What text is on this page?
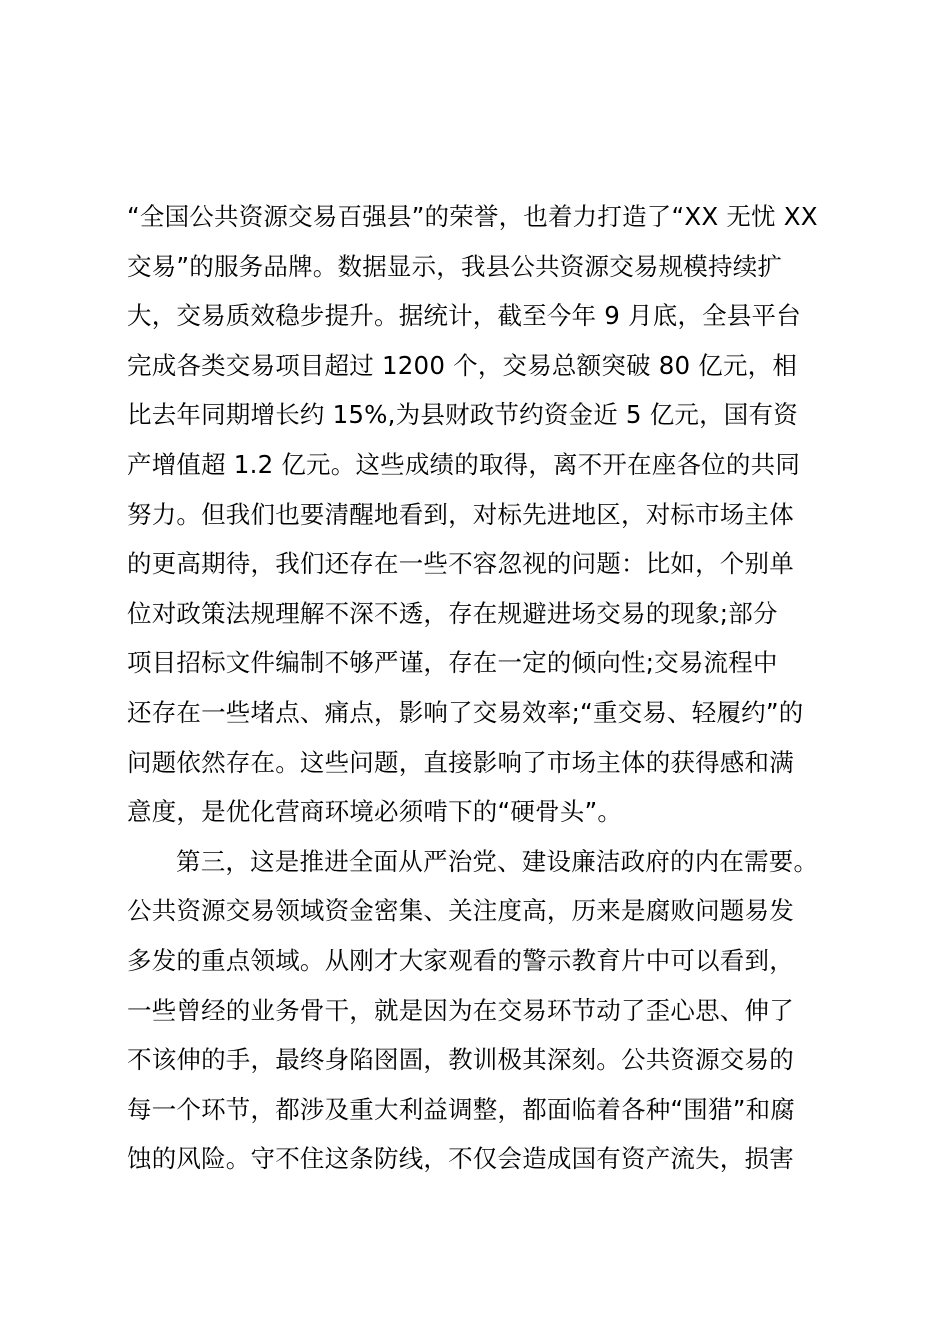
“全国公共资源交易百强县”的荣誉，也着力打造了“XX 无忧 XX
交易”的服务品牌。数据显示，我县公共资源交易规模持续扩
大，交易质效稳步提升。据统计，截至今年 9 月底，全县平台
完成各类交易项目超过 1200 个，交易总额突破 80 亿元，相
比去年同期增长约 15%,为县财政节约资金近 5 亿元，国有资
产增值超 1.2 亿元。这些成绩的取得，离不开在座各位的共同
努力。但我们也要清醒地看到，对标先进地区，对标市场主体
的更高期待，我们还存在一些不容忽视的问题：比如，个别单
位对政策法规理解不深不透，存在规避进场交易的现象;部分
项目招标文件编制不够严谨，存在一定的倾向性;交易流程中
还存在一些堵点、痛点，影响了交易效率;“重交易、轻履约”的
问题依然存在。这些问题，直接影响了市场主体的获得感和满
意度，是优化营商环境必须啃下的“硬骨头”。
第三，这是推进全面从严治党、建设廉洁政府的内在需要。
公共资源交易领域资金密集、关注度高，历来是腐败问题易发
多发的重点领域。从刚才大家观看的警示教育片中可以看到，
一些曾经的业务骨干，就是因为在交易环节动了歪心思、伸了
不该伸的手，最终身陷囹圄，教训极其深刻。公共资源交易的
每一个环节，都涉及重大利益调整，都面临着各种“围猎”和腐
蚀的风险。守不住这条防线，不仅会造成国有资产流失，损害
